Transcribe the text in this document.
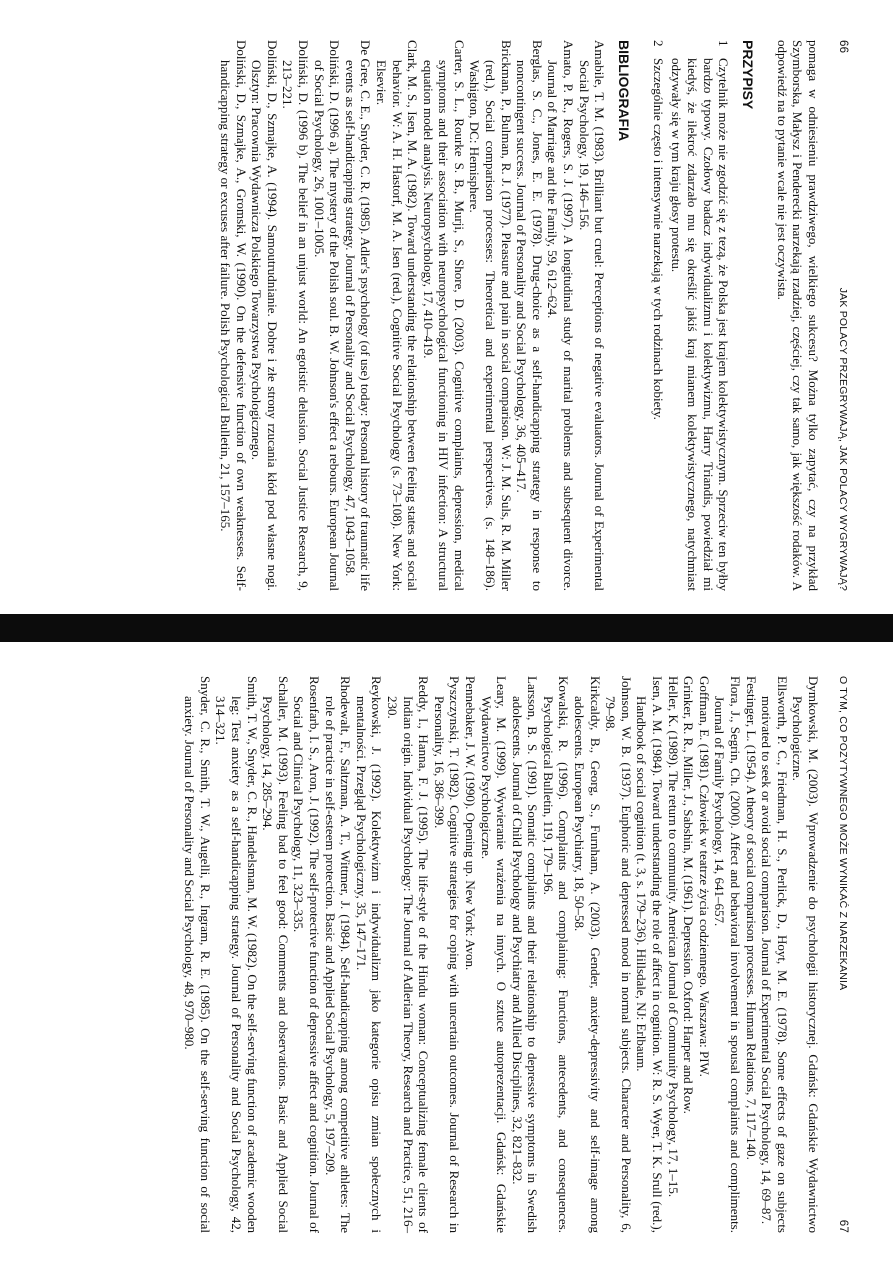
66
JAK POLACY PRZEGRYWAJĄ, JAK POLACY WYGRYWAJĄ?

pomaga w odniesieniu prawdziwego, wielkiego sukcesu? Można tylko zapytać, czy na przykład Szymborska, Małysz i Penderecki narzekają rzadziej, częściej, czy tak samo, jak większość rodaków. A odpowiedź na to pytanie wcale nie jest oczywista.

PRZYPISY
1
Czytelnik może nie zgodzić się z tezą, że Polska jest krajem kolektywistycznym. Sprzeciw ten byłby bardzo typowy. Czołowy badacz indywidualizmu i kolektywizmu, Harry Triandis, powiedział mi kiedyś, że ilekroć zdarzało mu się określić jakiś kraj mianem kolektywistycznego, natychmiast odzywały się w tym kraju głosy protestu.
2
Szczególnie często i intensywnie narzekają w tych rodzinach kobiety.
BIBLIOGRAFIA

Amabile, T. M. (1983). Brilliant but cruel: Perceptions of negative evaluators. Journal of Experimental Social Psychology, 19, 146–156.

Amato, P. R., Rogers, S. J. (1997). A longitudinal study of marital problems and subsequent divorce. Journal of Marriage and the Family, 59, 612–624.

Berglas, S. C., Jones, E. E. (1978). Drug-choice as a self-handicapping strategy in response to noncontingent success. Journal of Personality and Social Psychology, 36, 405–417.

Brickman, P., Bulman, R. J. (1977). Pleasure and pain in social comparison. W: J. M. Suls, R. M. Miller (red.), Social comparison processes: Theoretical and experimental perspectives. (s. 148–186). Washigton, DC: Hemisphere.

Carter, S. L., Rourke S. B., Murji, S., Shore, D. (2003). Cognitive complaints, depression, medical symptoms and their association with neuropsychological functioning in HIV infection: A structural equation model analysis. Neuropsychology, 17, 410–419.

Clark, M. S., Isen, M. A. (1982). Toward understanding the relationship between feeling states and social behavior. W: A. H. Hastorf, M. A. Isen (red.), Cognitive Social Psychology (s. 73–108). New York: Elsevier.

De Gree, C. E., Snyder, C. R. (1985). Adler's psychology (of use) today: Personal history of traumatic life events as self-handicapping strategy. Journal of Personality and Social Psychology, 47, 1043–1058.

Doliński, D. (1996 a). The mystery of the Polish soul. B. W. Johnson's effect a rebours. European Journal of Social Psychology, 26, 1001–1005.

Doliński, D. (1996 b). The belief in an unjust world: An egotistic delusion. Social Justice Research, 9, 213–221.

Doliński, D., Szmajke, A. (1994). Samoutrudnianie. Dobre i złe strony rzucania kłód pod własne nogi. Olsztyn: Pracownia Wydawnicza Polskiego Towarzystwa Psychologicznego.

Doliński, D., Szmajke, A., Gromski, W. (1990). On the defensive function of own weaknesses. Self-handicapping strategy or excuses after failure. Polish Psychological Bulletin, 21, 157–165.

O TYM, CO POZYTYWNEGO MOŻE WYNIKAĆ Z NARZEKANIA
67

Dymkowski, M. (2003). Wprowadzenie do psychologii historycznej. Gdańsk: Gdańskie Wydawnictwo Psychologiczne.

Ellsworth, P. C., Friedman, H. S., Perlick, D., Hoyt, M. E. (1978). Some effects of gaze on subjects motivated to seek or avoid social comparison. Journal of Experimental Social Psychology, 14, 69–87.

Festinger, L. (1954). A theory of social comparison processes. Human Relations, 7, 117–140.

Flora, J., Segrin, Ch. (2000). Affect and behavioral involvement in spousal complaints and compliments. Journal of Family Psychology, 14, 641–657.

Goffman, E. (1981). Człowiek w teatrze życia codziennego. Warszawa: PIW.

Grinker, R. R., Miller, J., Sabshin, M. (1961). Depression. Oxford: Harper and Row.

Heller, K. (1989). The return to community. American Journal of Community Psychology, 17, 1–15.

Isen, A. M. (1984). Toward understanding the role of affect in cognition. W: R. S. Wyer, T. K. Srull (red.), Handbook of social cognition (t. 3, s. 179–236). Hillsdale, NJ: Erlbaum.

Johnson, W. B. (1937). Euphoric and depressed mood in normal subjects. Character and Personality, 6, 79–98.

Kirkcaldy, B., Georg, S., Furnham, A. (2003). Gender, anxiety-depressivity and self-image among adolescents. European Psychiatry, 18, 50–58.

Kowalski, R. (1996). Complaints and complaining: Functions, antecedents, and consequences. Psychological Bulletin, 119, 179–196.

Larsson, B. S. (1991). Somatic complaints and their relationship to depressive symptoms in Swedish adolescents. Journal of Child Psychology and Psychiatry and Allied Disciplines, 32, 821–832.

Leary, M. (1999). Wywieranie wrażenia na innych. O sztuce autoprezentacji. Gdańsk: Gdańskie Wydawnictwo Psychologiczne.

Pennebaker, J. W. (1990). Opening up. New York: Avon.

Pyszczynski, T. (1982). Cognitive strategies for coping with uncertain outcomes. Journal of Research in Personality, 16, 386–399.

Reddy, I., Hanna, F. J. (1995). The life-style of the Hindu woman: Conceptualizing female clients of Indian origin. Individual Psychology: The Journal of Adlerian Theory, Research and Practice, 51, 216–230.

Reykowski, J. (1992). Kolektywizm i indywidualizm jako kategorie opisu zmian społecznych i mentalności. Przegląd Psychologiczny, 35, 147–171.

Rhodewalt, F., Saltzman, A. T., Wittmer, J. (1984). Self-handicapping among competitive athletes: The role of practice in self-esteem protection. Basic and Applied Social Psychology, 5, 197–209.

Rosenfarb, I. S., Aron, J. (1992). The self-protective function of depressive affect and cognition. Journal of Social and Clinical Psychology, 11, 323–335.

Schaller, M. (1993). Feeling bad to feel good: Comments and observations. Basic and Applied Social Psychology, 14, 285–294.

Smith, T. W., Snyder, C. R., Handelsman, M. W. (1982). On the self-serving function of academic wooden leg: Test anxiety as a self-handicapping strategy. Journal of Personality and Social Psychology, 42, 314–321.

Snyder, C. R., Smith, T. W., Augelli, R., Ingram, R. E. (1985). On the self-serving function of social anxiety. Journal of Personality and Social Psychology, 48, 970–980.
